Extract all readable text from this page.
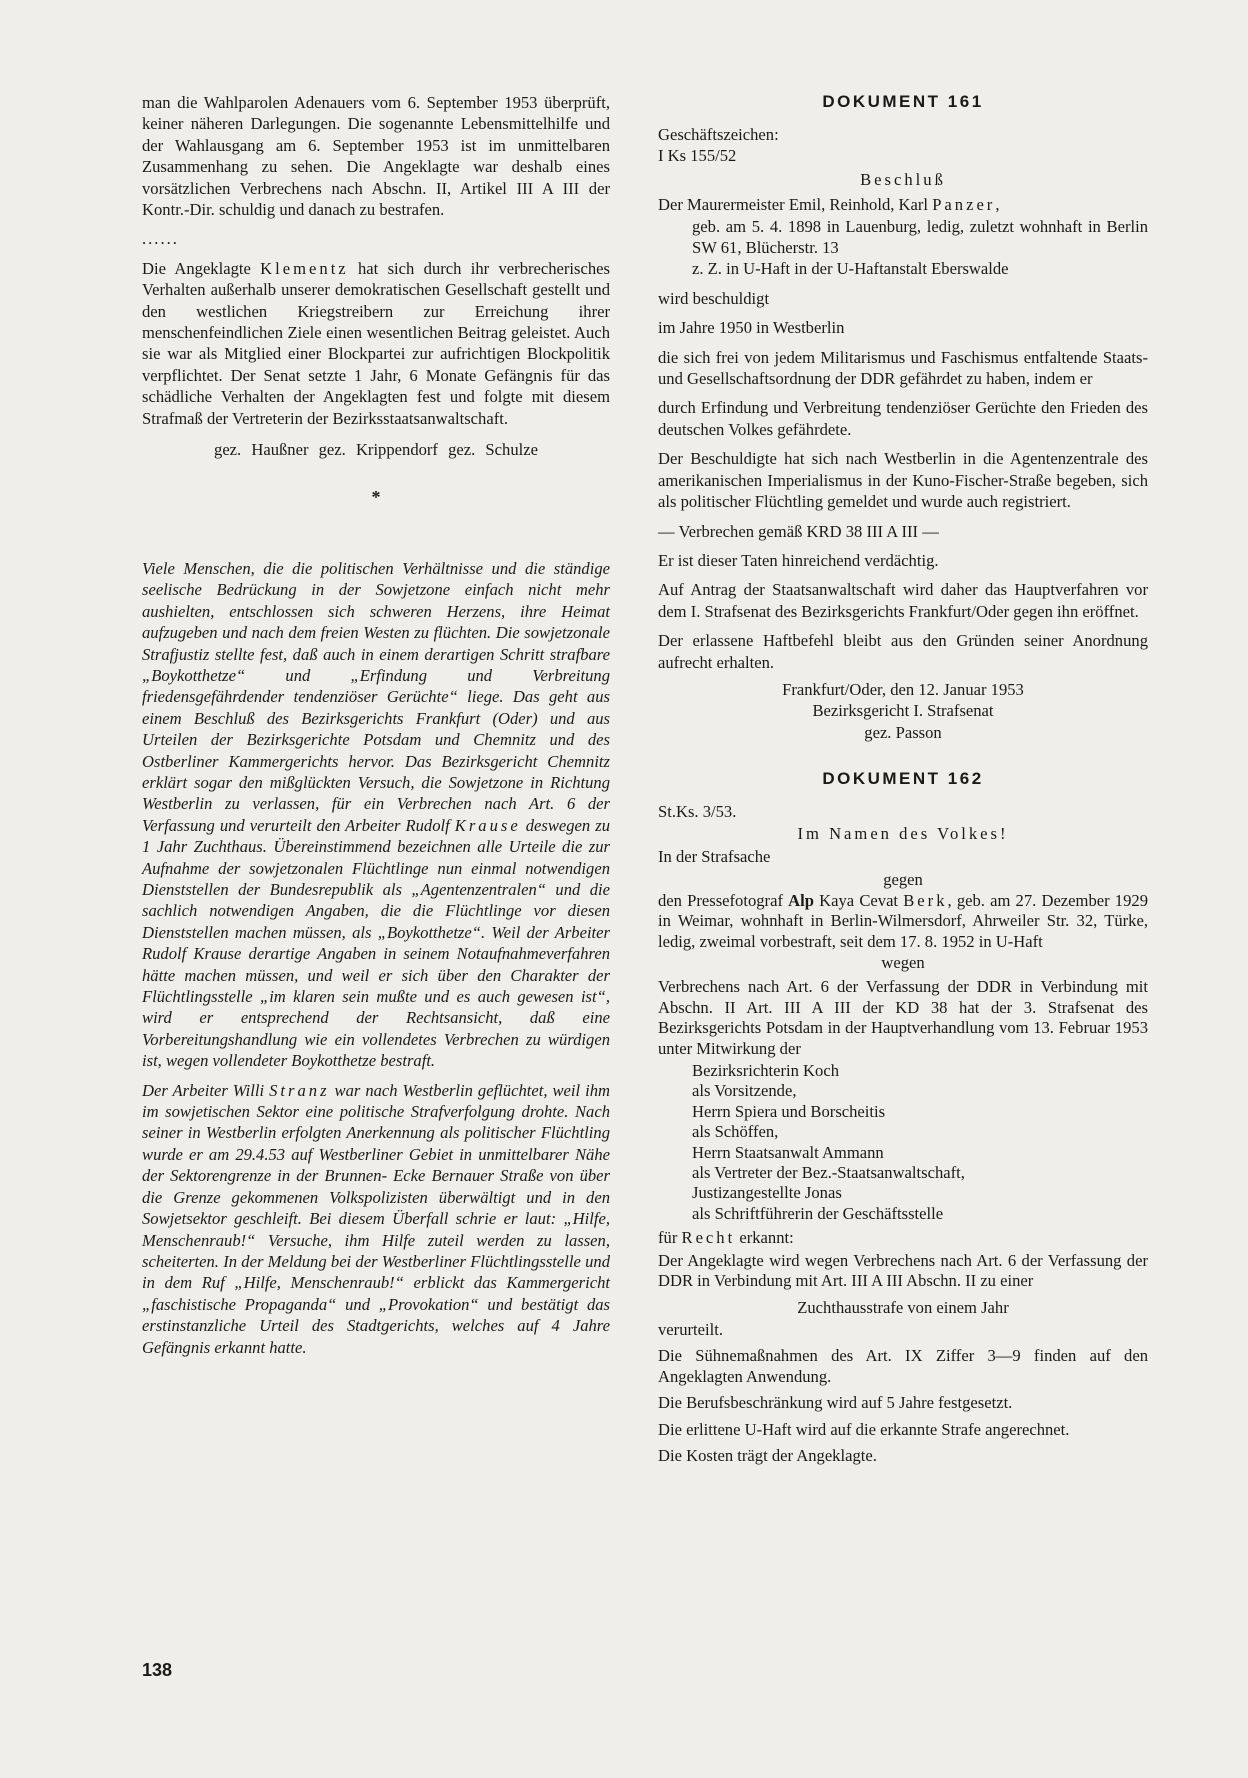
man die Wahlparolen Adenauers vom 6. September 1953 überprüft, keiner näheren Darlegungen. Die sogenannte Lebensmittelhilfe und der Wahlausgang am 6. September 1953 ist im unmittelbaren Zusammenhang zu sehen. Die Angeklagte war deshalb eines vorsätzlichen Verbrechens nach Abschn. II, Artikel III A III der Kontr.-Dir. schuldig und danach zu bestrafen.

......

Die Angeklagte Klementz hat sich durch ihr verbrecherisches Verhalten außerhalb unserer demokratischen Gesellschaft gestellt und den westlichen Kriegstreibern zur Erreichung ihrer menschenfeindlichen Ziele einen wesentlichen Beitrag geleistet. Auch sie war als Mitglied einer Blockpartei zur aufrichtigen Blockpolitik verpflichtet. Der Senat setzte 1 Jahr, 6 Monate Gefängnis für das schädliche Verhalten der Angeklagten fest und folgte mit diesem Strafmaß der Vertreterin der Bezirksstaatsanwaltschaft.

gez. Haußner gez. Krippendorf gez. Schulze

*

Viele Menschen, die die politischen Verhältnisse und die ständige seelische Bedrückung in der Sowjetzone einfach nicht mehr aushielten, entschlossen sich schweren Herzens, ihre Heimat aufzugeben und nach dem freien Westen zu flüchten. Die sowjetzonale Strafjustiz stellte fest, daß auch in einem derartigen Schritt strafbare „Boykotthetze“ und „Erfindung und Verbreitung friedensgefährdender tendenziöser Gerüchte“ liege. Das geht aus einem Beschluß des Bezirksgerichts Frankfurt (Oder) und aus Urteilen der Bezirksgerichte Potsdam und Chemnitz und des Ostberliner Kammergerichts hervor. Das Bezirksgericht Chemnitz erklärt sogar den mißglückten Versuch, die Sowjetzone in Richtung Westberlin zu verlassen, für ein Verbrechen nach Art. 6 der Verfassung und verurteilt den Arbeiter Rudolf Krause deswegen zu 1 Jahr Zuchthaus. Übereinstimmend bezeichnen alle Urteile die zur Aufnahme der sowjetzonalen Flüchtlinge nun einmal notwendigen Dienststellen der Bundesrepublik als „Agentenzentralen“ und die sachlich notwendigen Angaben, die die Flüchtlinge vor diesen Dienststellen machen müssen, als „Boykotthetze“. Weil der Arbeiter Rudolf Krause derartige Angaben in seinem Notaufnahmeverfahren hätte machen müssen, und weil er sich über den Charakter der Flüchtlingsstelle „im klaren sein mußte und es auch gewesen ist“, wird er entsprechend der Rechtsansicht, daß eine Vorbereitungshandlung wie ein vollendetes Verbrechen zu würdigen ist, wegen vollendeter Boykotthetze bestraft.

Der Arbeiter Willi Stranz war nach Westberlin geflüchtet, weil ihm im sowjetischen Sektor eine politische Strafverfolgung drohte. Nach seiner in Westberlin erfolgten Anerkennung als politischer Flüchtling wurde er am 29.4.53 auf Westberliner Gebiet in unmittelbarer Nähe der Sektorengrenze in der Brunnen- Ecke Bernauer Straße von über die Grenze gekommenen Volkspolizisten überwältigt und in den Sowjetsektor geschleift. Bei diesem Überfall schrie er laut: „Hilfe, Menschenraub!“ Versuche, ihm Hilfe zuteil werden zu lassen, scheiterten. In der Meldung bei der Westberliner Flüchtlingsstelle und in dem Ruf „Hilfe, Menschenraub!“ erblickt das Kammergericht „faschistische Propaganda“ und „Provokation“ und bestätigt das erstinstanzliche Urteil des Stadtgerichts, welches auf 4 Jahre Gefängnis erkannt hatte.

DOKUMENT 161

Geschäftszeichen:

I Ks 155/52

Beschluß

Der Maurermeister Emil, Reinhold, Karl Panzer,

geb. am 5. 4. 1898 in Lauenburg, ledig, zuletzt wohnhaft in Berlin SW 61, Blücherstr. 13

z. Z. in U-Haft in der U-Haftanstalt Eberswalde

wird beschuldigt

im Jahre 1950 in Westberlin

die sich frei von jedem Militarismus und Faschismus entfaltende Staats- und Gesellschaftsordnung der DDR gefährdet zu haben, indem er

durch Erfindung und Verbreitung tendenziöser Gerüchte den Frieden des deutschen Volkes gefährdete.

Der Beschuldigte hat sich nach Westberlin in die Agentenzentrale des amerikanischen Imperialismus in der Kuno-Fischer-Straße begeben, sich als politischer Flüchtling gemeldet und wurde auch registriert.

— Verbrechen gemäß KRD 38 III A III —

Er ist dieser Taten hinreichend verdächtig.

Auf Antrag der Staatsanwaltschaft wird daher das Hauptverfahren vor dem I. Strafsenat des Bezirksgerichts Frankfurt/Oder gegen ihn eröffnet.

Der erlassene Haftbefehl bleibt aus den Gründen seiner Anordnung aufrecht erhalten.

Frankfurt/Oder, den 12. Januar 1953

Bezirksgericht I. Strafsenat

gez. Passon

DOKUMENT 162

St.Ks. 3/53.

Im Namen des Volkes!

In der Strafsache

gegen

den Pressefotograf Alp Kaya Cevat Berk, geb. am 27. Dezember 1929 in Weimar, wohnhaft in Berlin-Wilmersdorf, Ahrweiler Str. 32, Türke, ledig, zweimal vorbestraft, seit dem 17. 8. 1952 in U-Haft

wegen

Verbrechens nach Art. 6 der Verfassung der DDR in Verbindung mit Abschn. II Art. III A III der KD 38 hat der 3. Strafsenat des Bezirksgerichts Potsdam in der Hauptverhandlung vom 13. Februar 1953 unter Mitwirkung der

Bezirksrichterin Koch

als Vorsitzende,

Herrn Spiera und Borscheitis

als Schöffen,

Herrn Staatsanwalt Ammann

als Vertreter der Bez.-Staatsanwaltschaft,

Justizangestellte Jonas

als Schriftführerin der Geschäftsstelle

für Recht erkannt:

Der Angeklagte wird wegen Verbrechens nach Art. 6 der Verfassung der DDR in Verbindung mit Art. III A III Abschn. II zu einer

Zuchthausstrafe von einem Jahr

verurteilt.

Die Sühnemaßnahmen des Art. IX Ziffer 3—9 finden auf den Angeklagten Anwendung.

Die Berufsbeschränkung wird auf 5 Jahre festgesetzt.

Die erlittene U-Haft wird auf die erkannte Strafe angerechnet.

Die Kosten trägt der Angeklagte.

138
